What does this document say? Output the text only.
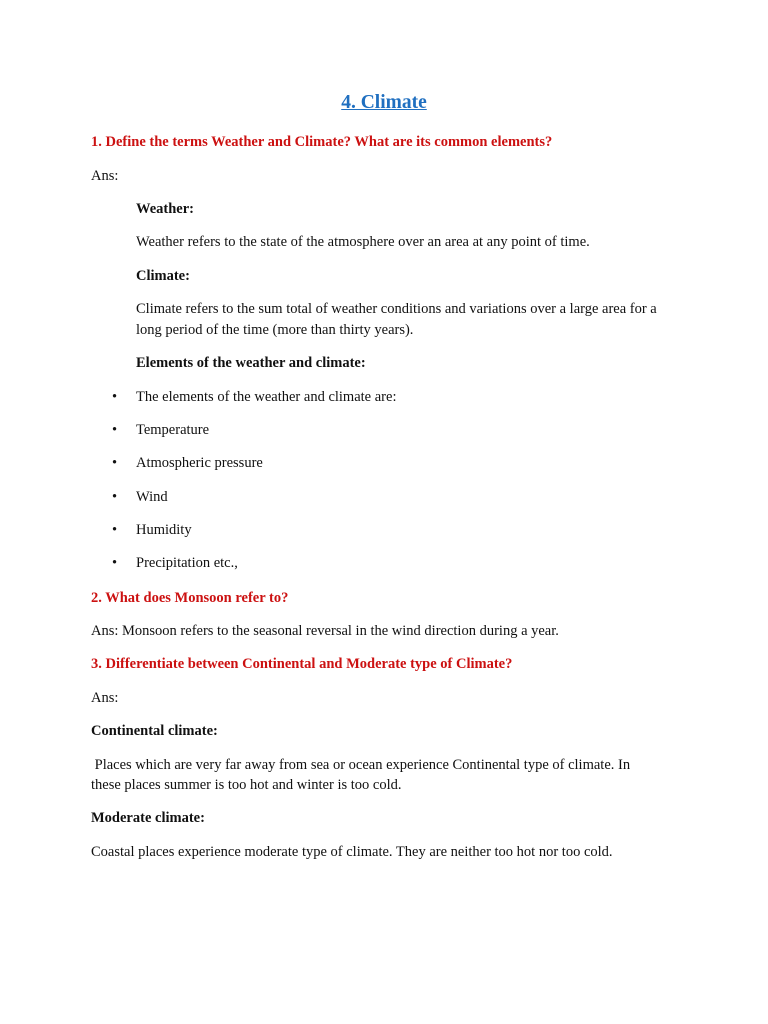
4. Climate
1. Define the terms Weather and Climate? What are its common elements?
Ans:
Weather:
Weather refers to the state of the atmosphere over an area at any point of time.
Climate:
Climate refers to the sum total of weather conditions and variations over a large area for a
long period of the time (more than thirty years).
Elements of the weather and climate:
• The elements of the weather and climate are:
• Temperature
• Atmospheric pressure
• Wind
• Humidity
• Precipitation etc.,
2. What does Monsoon refer to?
Ans: Monsoon refers to the seasonal reversal in the wind direction during a year.
3. Differentiate between Continental and Moderate type of Climate?
Ans:
Continental climate:
Places which are very far away from sea or ocean experience Continental type of climate. In
these places summer is too hot and winter is too cold.
Moderate climate:
Coastal places experience moderate type of climate. They are neither too hot nor too cold.
